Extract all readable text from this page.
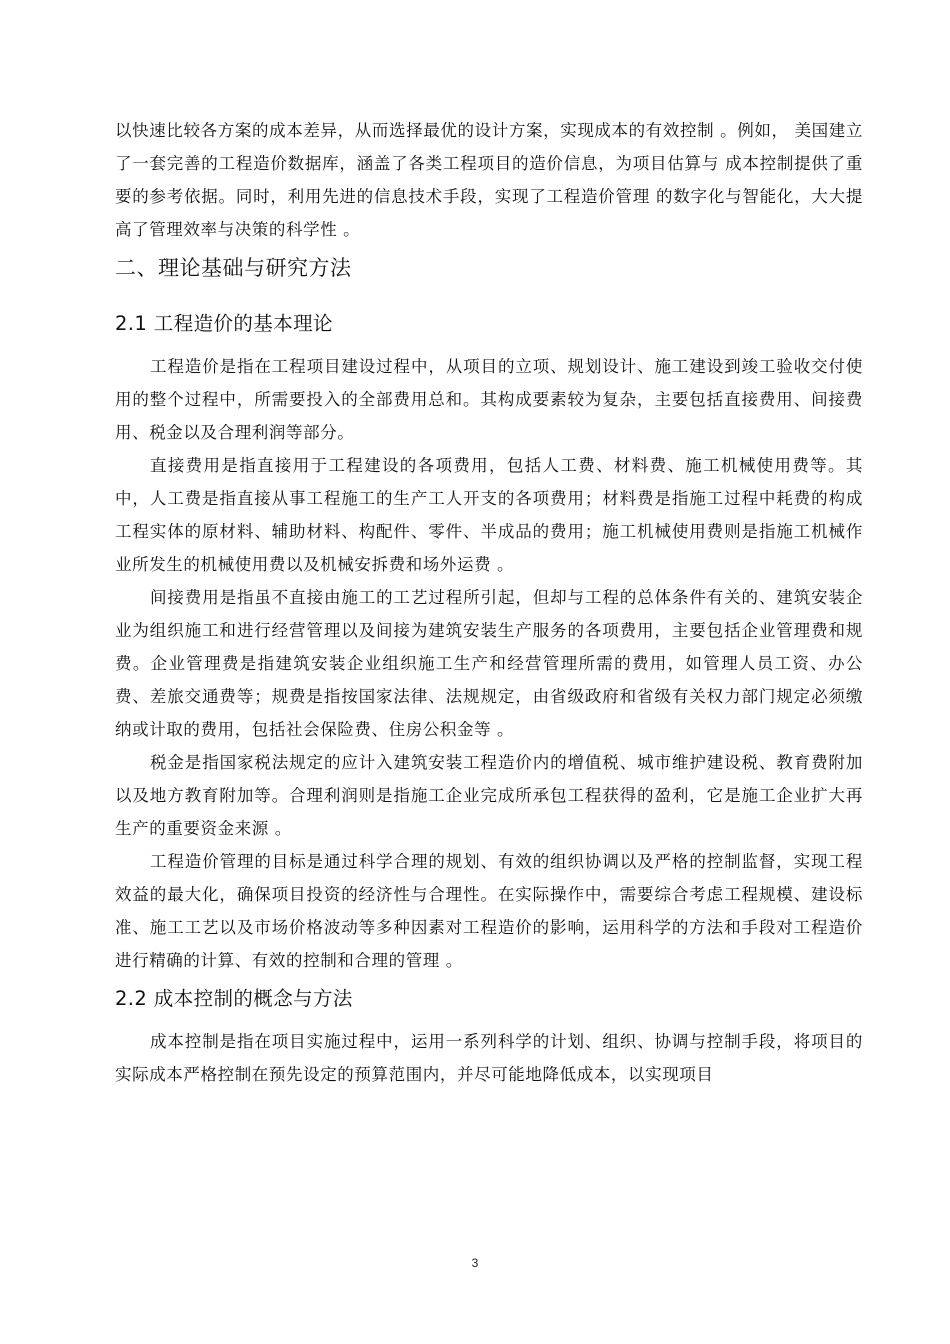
以快速比较各方案的成本差异，从而选择最优的设计方案，实现成本的有效控制 。例如， 美国建立了一套完善的工程造价数据库，涵盖了各类工程项目的造价信息，为项目估算与 成本控制提供了重要的参考依据。同时，利用先进的信息技术手段，实现了工程造价管理 的数字化与智能化，大大提高了管理效率与决策的科学性 。

二、理论基础与研究方法
2.1 工程造价的基本理论

工程造价是指在工程项目建设过程中，从项目的立项、规划设计、施工建设到竣工验收交付使用的整个过程中，所需要投入的全部费用总和。其构成要素较为复杂，主要包括直接费用、间接费用、税金以及合理利润等部分。

直接费用是指直接用于工程建设的各项费用，包括人工费、材料费、施工机械使用费等。其中，人工费是指直接从事工程施工的生产工人开支的各项费用；材料费是指施工过程中耗费的构成工程实体的原材料、辅助材料、构配件、零件、半成品的费用；施工机械使用费则是指施工机械作业所发生的机械使用费以及机械安拆费和场外运费 。

间接费用是指虽不直接由施工的工艺过程所引起，但却与工程的总体条件有关的、建筑安装企业为组织施工和进行经营管理以及间接为建筑安装生产服务的各项费用，主要包括企业管理费和规费。企业管理费是指建筑安装企业组织施工生产和经营管理所需的费用，如管理人员工资、办公费、差旅交通费等；规费是指按国家法律、法规规定，由省级政府和省级有关权力部门规定必须缴纳或计取的费用，包括社会保险费、住房公积金等 。

税金是指国家税法规定的应计入建筑安装工程造价内的增值税、城市维护建设税、教育费附加以及地方教育附加等。合理利润则是指施工企业完成所承包工程获得的盈利，它是施工企业扩大再生产的重要资金来源 。

工程造价管理的目标是通过科学合理的规划、有效的组织协调以及严格的控制监督，实现工程效益的最大化，确保项目投资的经济性与合理性。在实际操作中，需要综合考虑工程规模、建设标准、施工工艺以及市场价格波动等多种因素对工程造价的影响，运用科学的方法和手段对工程造价进行精确的计算、有效的控制和合理的管理 。

2.2 成本控制的概念与方法

成本控制是指在项目实施过程中，运用一系列科学的计划、组织、协调与控制手段，将项目的实际成本严格控制在预先设定的预算范围内，并尽可能地降低成本，以实现项目

3
